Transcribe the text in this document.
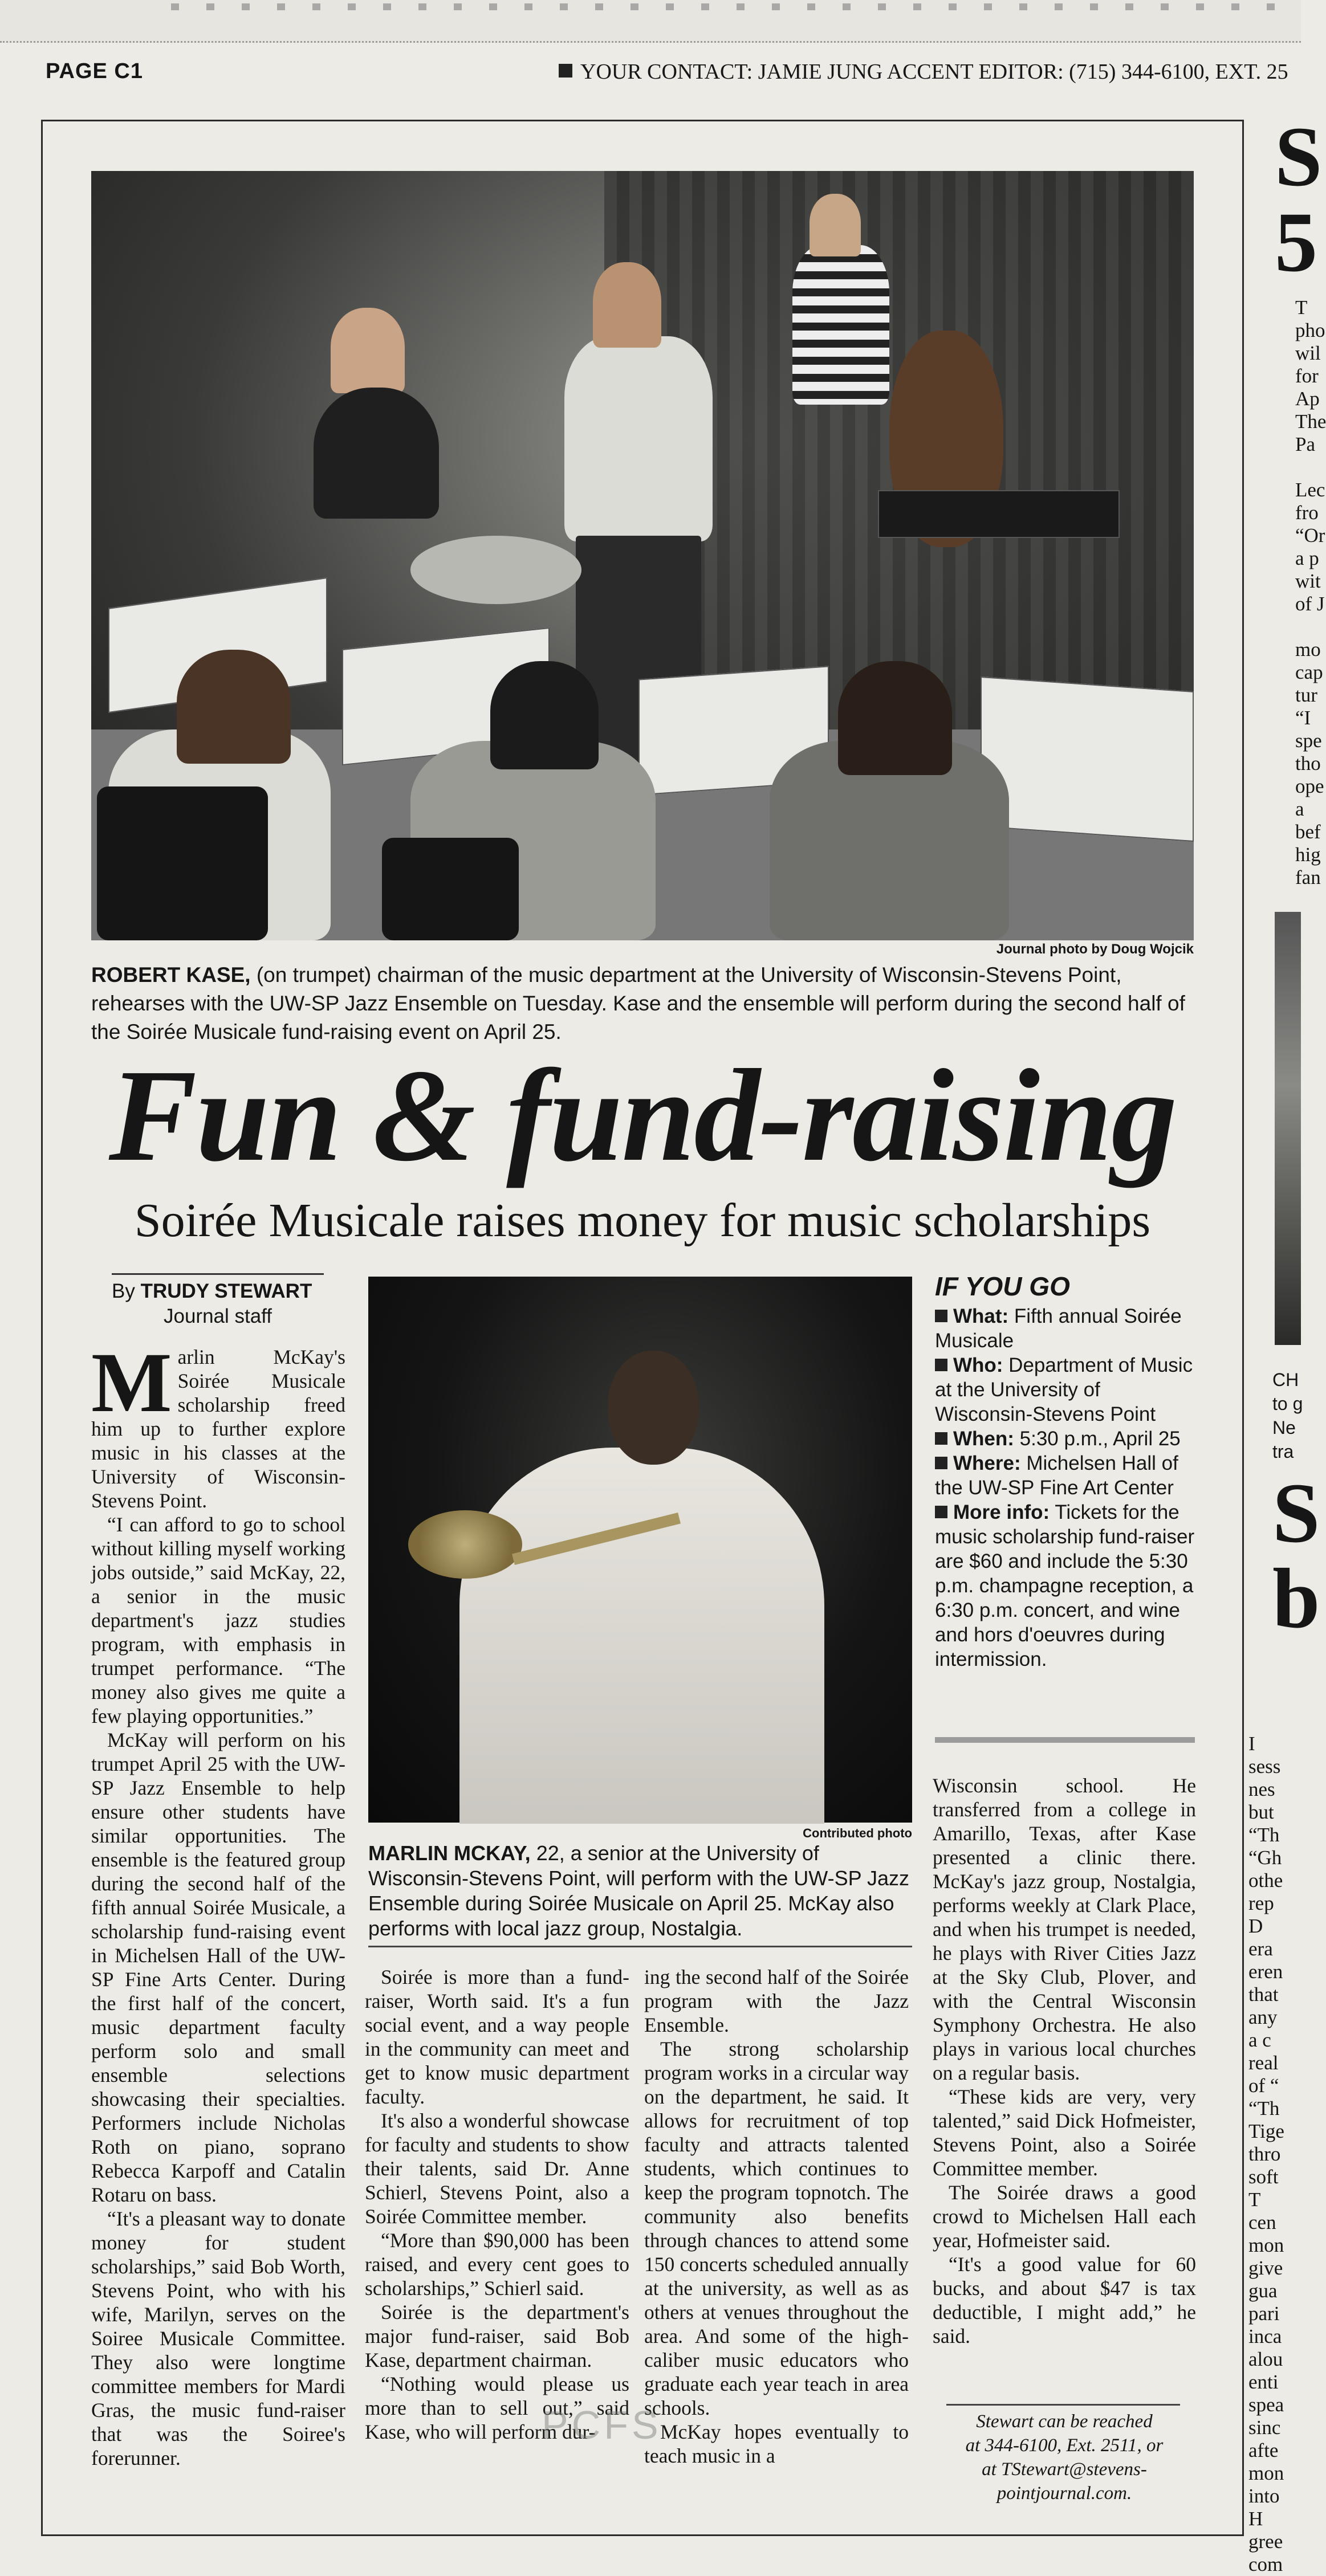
PAGE C1	YOUR CONTACT: JAMIE JUNG ACCENT EDITOR: (715) 344-6100, EXT. 25
Journal photo by Doug Wojcik
ROBERT KASE, (on trumpet) chairman of the music department at the University of Wisconsin-Stevens Point, rehearses with the UW-SP Jazz Ensemble on Tuesday. Kase and the ensemble will perform during the second half of the Soirée Musicale fund-raising event on April 25.
Fun & fund-raising
Soirée Musicale raises money for music scholarships
By TRUDY STEWART
Journal staff
M arlin McKay's Soirée Musicale scholarship freed him up to further explore music in his classes at the University of Wisconsin-Stevens Point.

“I can afford to go to school without killing myself working jobs outside,” said McKay, 22, a senior in the music department's jazz studies program, with emphasis in trumpet performance. “The money also gives me quite a few playing opportunities.”

McKay will perform on his trumpet April 25 with the UW-SP Jazz Ensemble to help ensure other students have similar opportunities. The ensemble is the featured group during the second half of the fifth annual Soirée Musicale, a scholarship fund-raising event in Michelsen Hall of the UW-SP Fine Arts Center. During the first half of the concert, music department faculty perform solo and small ensemble selections showcasing their specialties. Performers include Nicholas Roth on piano, soprano Rebecca Karpoff and Catalin Rotaru on bass.

“It's a pleasant way to donate money for student scholarships,” said Bob Worth, Stevens Point, who with his wife, Marilyn, serves on the Soiree Musicale Committee. They also were longtime committee members for Mardi Gras, the music fund-raiser that was the Soiree's forerunner.

Contributed photo
MARLIN MCKAY, 22, a senior at the University of Wisconsin-Stevens Point, will perform with the UW-SP Jazz Ensemble during Soirée Musicale on April 25. McKay also performs with local jazz group, Nostalgia.

Soirée is more than a fund-raiser, Worth said. It's a fun social event, and a way people in the community can meet and get to know music department faculty.

It's also a wonderful showcase for faculty and students to show their talents, said Dr. Anne Schierl, Stevens Point, also a Soirée Committee member.

“More than $90,000 has been raised, and every cent goes to scholarships,” Schierl said.

Soirée is the department's major fund-raiser, said Bob Kase, department chairman.

“Nothing would please us more than to sell out,” said Kase, who will perform dur-

ing the second half of the Soirée program with the Jazz Ensemble.

The strong scholarship program works in a circular way on the department, he said. It allows for recruitment of top faculty and attracts talented students, which continues to keep the program topnotch. The community also benefits through chances to attend some 150 concerts scheduled annually at the university, as well as as others at venues throughout the area. And some of the high-caliber music educators who graduate each year teach in area schools.

McKay hopes eventually to teach music in a

IF YOU GO

What: Fifth annual Soirée Musicale

Who: Department of Music at the University of Wisconsin-Stevens Point

When: 5:30 p.m., April 25

Where: Michelsen Hall of the UW-SP Fine Art Center

More info: Tickets for the music scholarship fund-raiser are $60 and include the 5:30 p.m. champagne reception, a 6:30 p.m. concert, and wine and hors d'oeuvres during intermission.

Wisconsin school. He transferred from a college in Amarillo, Texas, after Kase presented a clinic there. McKay's jazz group, Nostalgia, performs weekly at Clark Place, and when his trumpet is needed, he plays with River Cities Jazz at the Sky Club, Plover, and with the Central Wisconsin Symphony Orchestra. He also plays in various local churches on a regular basis.

“These kids are very, very talented,” said Dick Hofmeister, Stevens Point, also a Soirée Committee member.

The Soirée draws a good crowd to Michelsen Hall each year, Hofmeister said.

“It's a good value for 60 bucks, and about $47 is tax deductible, I might add,” he said.

Stewart can be reached
at 344-6100, Ext. 2511, or
at TStewart@stevens-
pointjournal.com.
PCFS
S
5
T
pho
wil
for
Ap
The
Pa

Lec
fro
“Or
a p
wit
of J

mo
cap
tur
“I
spe
tho
ope
a
bef
hig
fan
CH
to g
Ne
tra
S
b
I
sess
nes
but
“Th
“Gh
othe
rep
D
era
eren
that
any
a c
real
of “
“Th
Tige
thro
soft
T
cen
mon
give
gua
pari
inca
alou
enti
spea
sinc
afte
mon
into
H
gree
com
